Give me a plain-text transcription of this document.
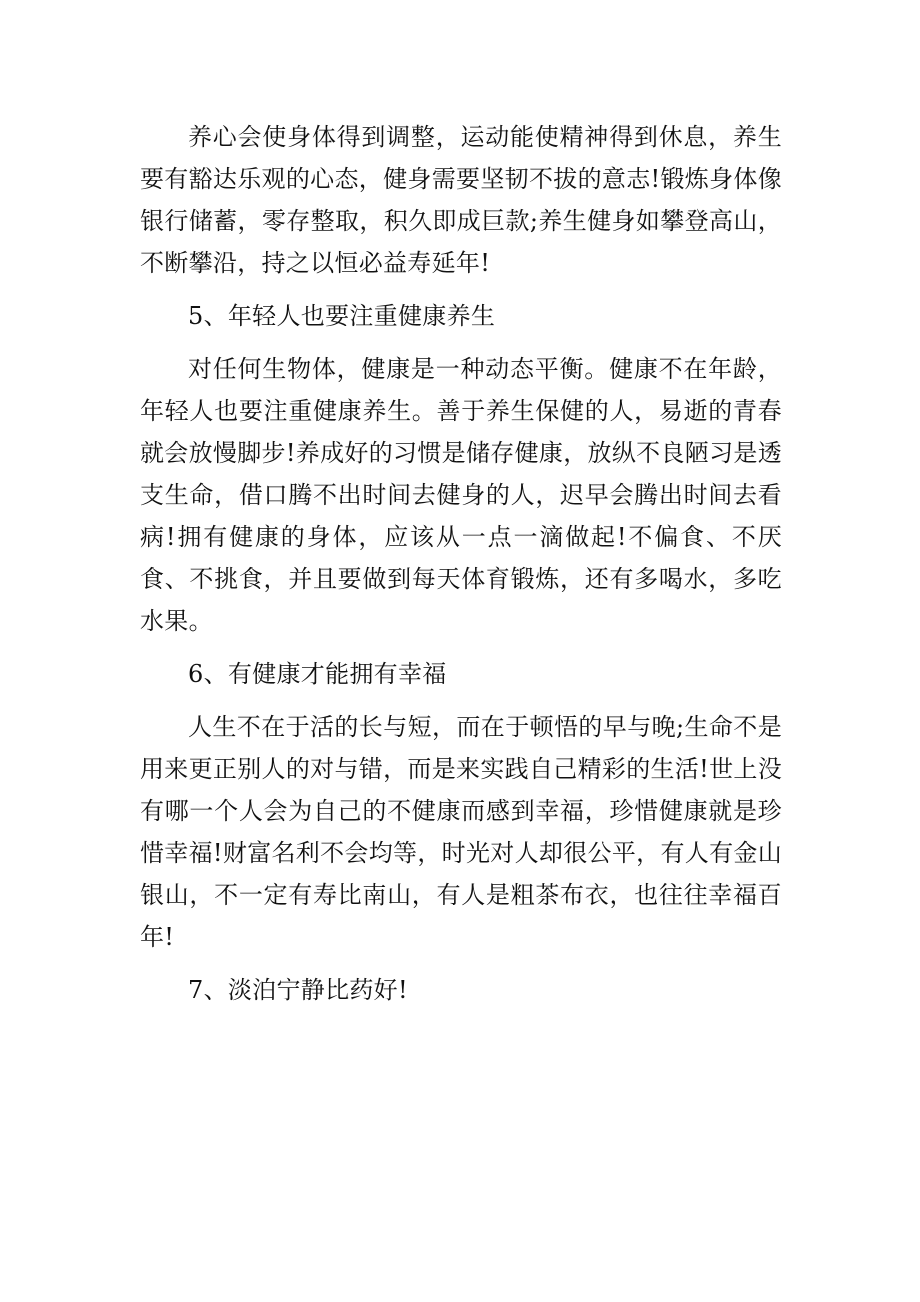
养心会使身体得到调整，运动能使精神得到休息，养生要有豁达乐观的心态，健身需要坚韧不拔的意志!锻炼身体像银行储蓄，零存整取，积久即成巨款;养生健身如攀登高山，不断攀沿，持之以恒必益寿延年!

5、年轻人也要注重健康养生

对任何生物体，健康是一种动态平衡。健康不在年龄，年轻人也要注重健康养生。善于养生保健的人，易逝的青春就会放慢脚步!养成好的习惯是储存健康，放纵不良陋习是透支生命，借口腾不出时间去健身的人，迟早会腾出时间去看病!拥有健康的身体，应该从一点一滴做起!不偏食、不厌食、不挑食，并且要做到每天体育锻炼，还有多喝水，多吃水果。

6、有健康才能拥有幸福

人生不在于活的长与短，而在于顿悟的早与晚;生命不是用来更正别人的对与错，而是来实践自己精彩的生活!世上没有哪一个人会为自己的不健康而感到幸福，珍惜健康就是珍惜幸福!财富名利不会均等，时光对人却很公平，有人有金山银山，不一定有寿比南山，有人是粗茶布衣，也往往幸福百年!

7、淡泊宁静比药好!
